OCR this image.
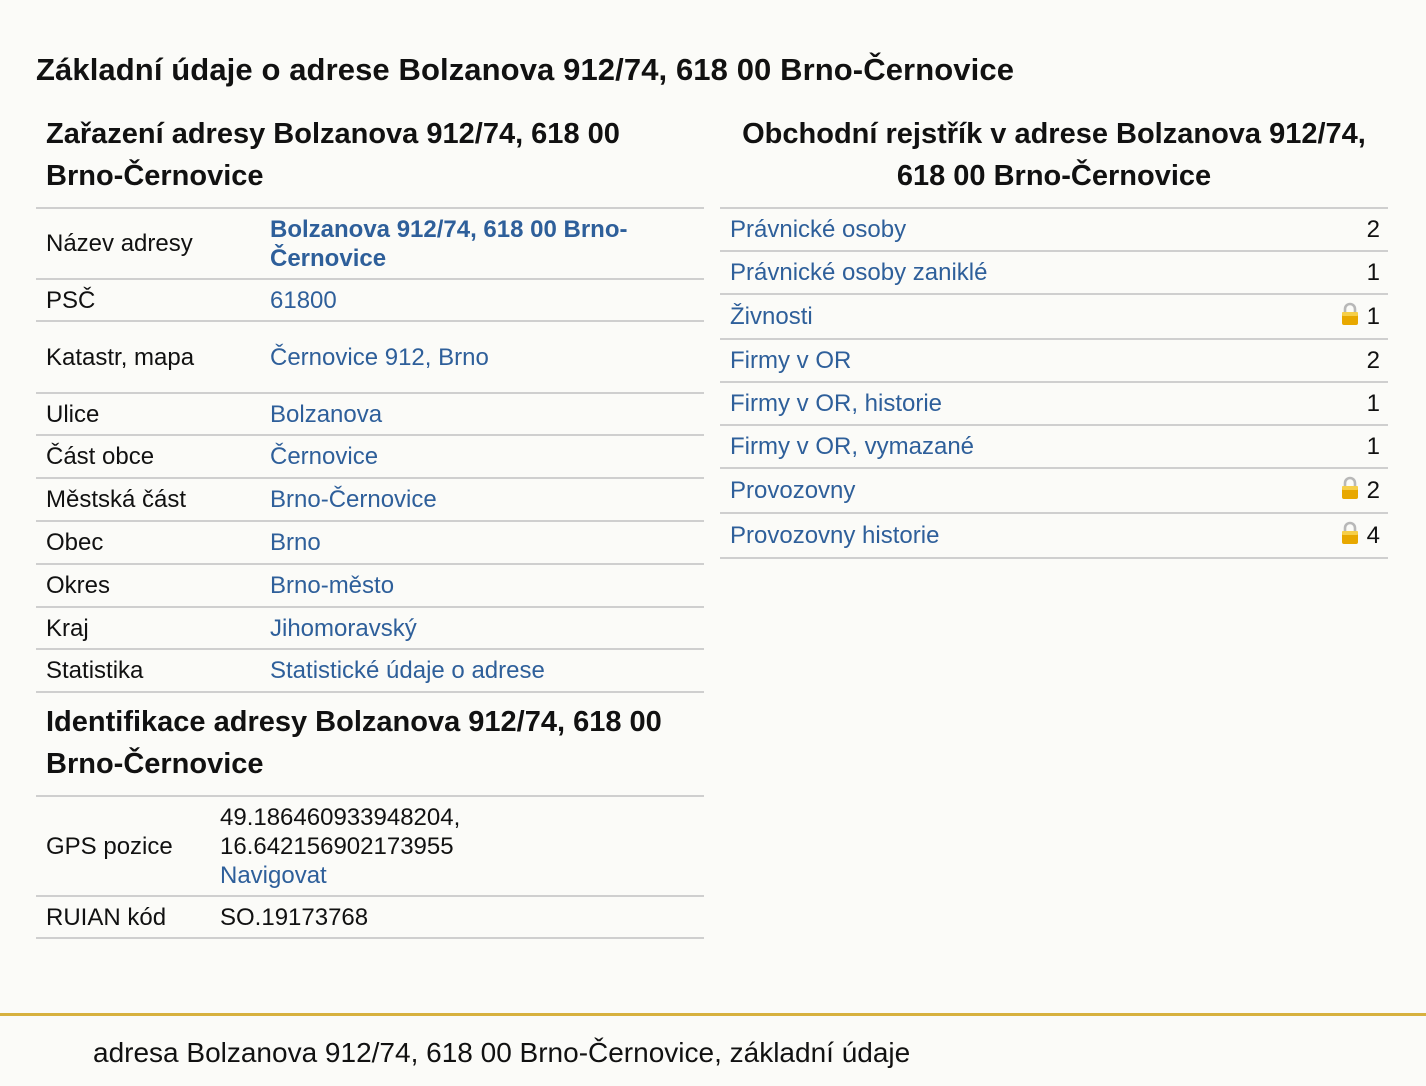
Základní údaje o adrese Bolzanova 912/74, 618 00 Brno-Černovice
Zařazení adresy Bolzanova 912/74, 618 00 Brno-Černovice
Název adresy	Bolzanova 912/74, 618 00 Brno-Černovice
PSČ	61800
Katastr, mapa	Černovice 912, Brno
Ulice	Bolzanova
Část obce	Černovice
Městská část	Brno-Černovice
Obec	Brno
Okres	Brno-město
Kraj	Jihomoravský
Statistika	Statistické údaje o adrese
Identifikace adresy Bolzanova 912/74, 618 00 Brno-Černovice
GPS pozice	49.186460933948204,
16.642156902173955
Navigovat

RUIAN kód	SO.19173768
Obchodní rejstřík v adrese Bolzanova 912/74, 618 00 Brno-Černovice
Právnické osoby	2
Právnické osoby zaniklé	1
Živnosti	1
Firmy v OR	2
Firmy v OR, historie	1
Firmy v OR, vymazané	1
Provozovny	2
Provozovny historie	4
adresa Bolzanova 912/74, 618 00 Brno-Černovice, základní údaje
